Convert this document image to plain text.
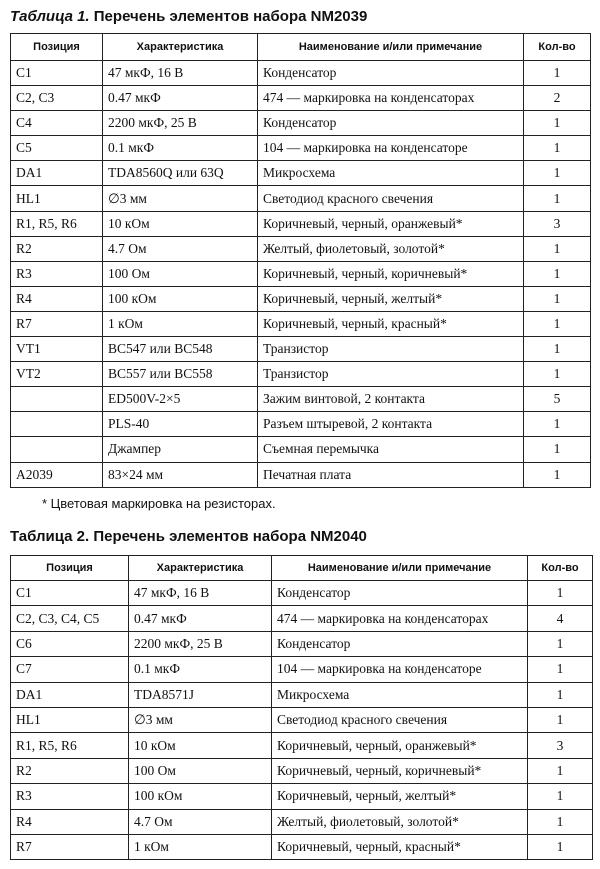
Таблица 1. Перечень элементов набора NM2039
Позиция	Характеристика	Наименование и/или примечание	Кол-во
C1	47 мкФ, 16 В	Конденсатор	1
C2, C3	0.47 мкФ	474 — маркировка на конденсаторах	2
C4	2200 мкФ, 25 В	Конденсатор	1
C5	0.1 мкФ	104 — маркировка на конденсаторе	1
DA1	TDA8560Q или 63Q	Микросхема	1
HL1	∅3 мм	Светодиод красного свечения	1
R1, R5, R6	10 кОм	Коричневый, черный, оранжевый*	3
R2	4.7 Ом	Желтый, фиолетовый, золотой*	1
R3	100 Ом	Коричневый, черный, коричневый*	1
R4	100 кОм	Коричневый, черный, желтый*	1
R7	1 кОм	Коричневый, черный, красный*	1
VT1	BC547 или BC548	Транзистор	1
VT2	BC557 или BC558	Транзистор	1
	ED500V-2×5	Зажим винтовой, 2 контакта	5
	PLS-40	Разъем штыревой, 2 контакта	1
	Джампер	Съемная перемычка	1
A2039	83×24 мм	Печатная плата	1
* Цветовая маркировка на резисторах.
Таблица 2. Перечень элементов набора NM2040
Позиция	Характеристика	Наименование и/или примечание	Кол-во
C1	47 мкФ, 16 В	Конденсатор	1
C2, C3, C4, C5	0.47 мкФ	474 — маркировка на конденсаторах	4
C6	2200 мкФ, 25 В	Конденсатор	1
C7	0.1 мкФ	104 — маркировка на конденсаторе	1
DA1	TDA8571J	Микросхема	1
HL1	∅3 мм	Светодиод красного свечения	1
R1, R5, R6	10 кОм	Коричневый, черный, оранжевый*	3
R2	100 Ом	Коричневый, черный, коричневый*	1
R3	100 кОм	Коричневый, черный, желтый*	1
R4	4.7 Ом	Желтый, фиолетовый, золотой*	1
R7	1 кОм	Коричневый, черный, красный*	1
